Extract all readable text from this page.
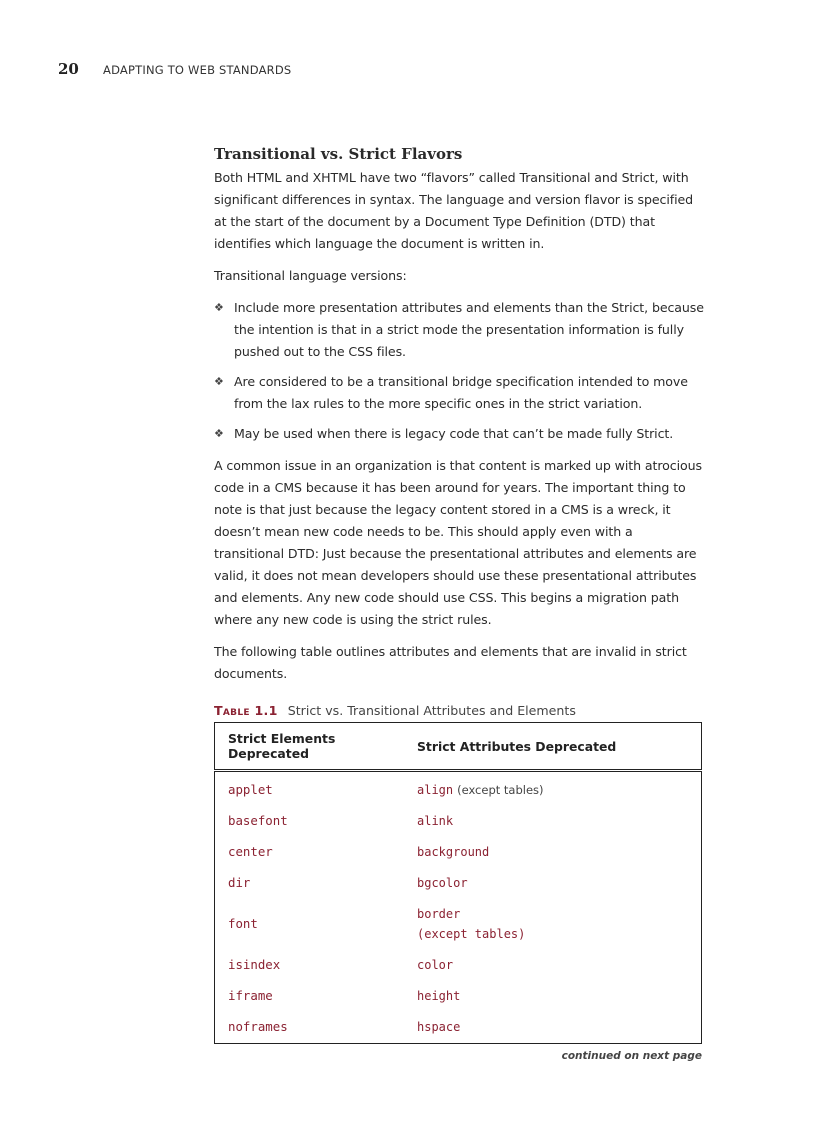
20	ADAPTING TO WEB STANDARDS
Transitional vs. Strict Flavors

Both HTML and XHTML have two “flavors” called Transitional and Strict, with significant differences in syntax. The language and version flavor is specified at the start of the document by a Document Type Definition (DTD) that identifies which language the document is written in.

Transitional language versions:

❖ Include more presentation attributes and elements than the Strict, because the intention is that in a strict mode the presentation information is fully pushed out to the CSS files.
❖ Are considered to be a transitional bridge specification intended to move from the lax rules to the more specific ones in the strict variation.
❖ May be used when there is legacy code that can’t be made fully Strict.

A common issue in an organization is that content is marked up with atrocious code in a CMS because it has been around for years. The important thing to note is that just because the legacy content stored in a CMS is a wreck, it doesn’t mean new code needs to be. This should apply even with a transitional DTD: Just because the presentational attributes and elements are valid, it does not mean developers should use these presentational attributes and elements. Any new code should use CSS. This begins a migration path where any new code is using the strict rules.

The following table outlines attributes and elements that are invalid in strict documents.

Table 1.1 Strict vs. Transitional Attributes and Elements
Strict Elements Deprecated	Strict Attributes Deprecated
applet	align (except tables)
basefont	alink
center	background
dir	bgcolor
font	border
(except tables)
isindex	color
iframe	height
noframes	hspace
continued on next page
